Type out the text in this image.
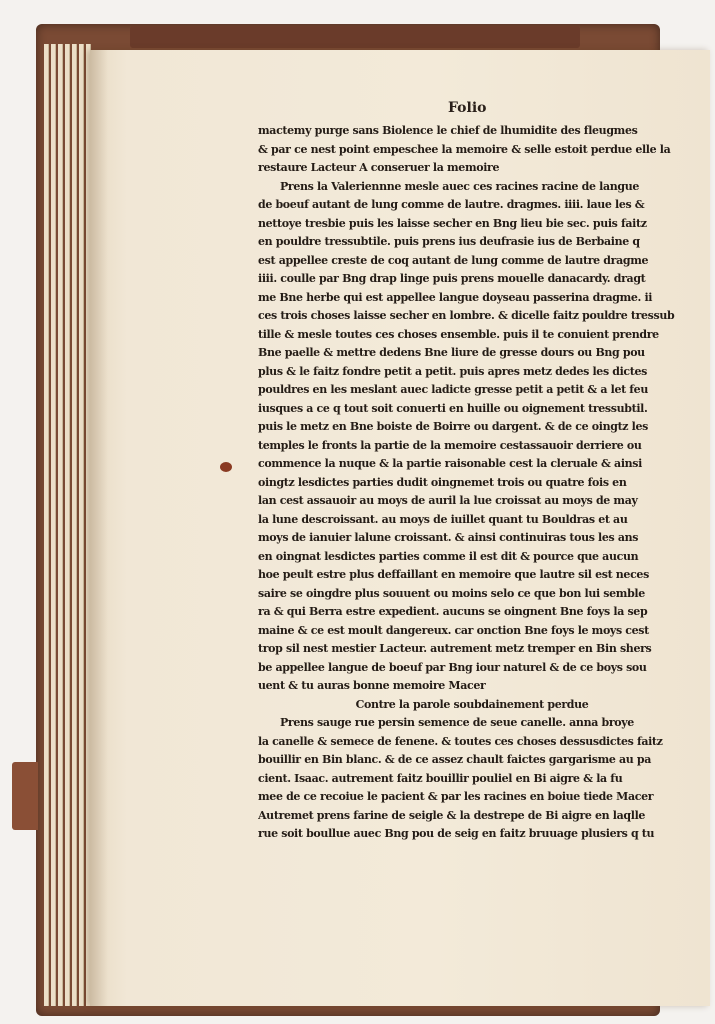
Folio
mactemy purge sans Biolence le chief de lhumidite des fleugmes
& par ce nest point empeschee la memoire & selle estoit perdue elle la
restaure Lacteur A conseruer la memoire
Prens la Valeriennne mesle auec ces racines racine de langue
de boeuf autant de lung comme de lautre. dragmes. iiii. laue les &
nettoye tresbie puis les laisse secher en Bng lieu bie sec. puis faitz
en pouldre tressubtile. puis prens ius deufrasie ius de Berbaine q
est appellee creste de coq autant de lung comme de lautre dragme
iiii. coulle par Bng drap linge puis prens mouelle danacardy. dragt
me Bne herbe qui est appellee langue doyseau passerina dragme. ii
ces trois choses laisse secher en lombre. & dicelle faitz pouldre tressub
tille & mesle toutes ces choses ensemble. puis il te conuient prendre
Bne paelle & mettre dedens Bne liure de gresse dours ou Bng pou
plus & le faitz fondre petit a petit. puis apres metz dedes les dictes
pouldres en les meslant auec ladicte gresse petit a petit & a let feu
iusques a ce q tout soit conuerti en huille ou oignement tressubtil.
puis le metz en Bne boiste de Boirre ou dargent. & de ce oingtz les
temples le fronts la partie de la memoire cestassauoir derriere ou
commence la nuque & la partie raisonable cest la cleruale & ainsi
oingtz lesdictes parties dudit oingnemet trois ou quatre fois en
lan cest assauoir au moys de auril la lue croissat au moys de may
la lune descroissant. au moys de iuillet quant tu Bouldras et au
moys de ianuier lalune croissant. & ainsi continuiras tous les ans
en oingnat lesdictes parties comme il est dit & pource que aucun
hoe peult estre plus deffaillant en memoire que lautre sil est neces
saire se oingdre plus souuent ou moins selo ce que bon lui semble
ra & qui Berra estre expedient. aucuns se oingnent Bne foys la sep
maine & ce est moult dangereux. car onction Bne foys le moys cest
trop sil nest mestier Lacteur. autrement metz tremper en Bin shers
be appellee langue de boeuf par Bng iour naturel & de ce boys sou
uent & tu auras bonne memoire Macer
Contre la parole soubdainement perdue
Prens sauge rue persin semence de seue canelle. anna broye
la canelle & semece de fenene. & toutes ces choses dessusdictes faitz
bouillir en Bin blanc. & de ce assez chault faictes gargarisme au pa
cient. Isaac. autrement faitz bouillir pouliel en Bi aigre & la fu
mee de ce recoiue le pacient & par les racines en boiue tiede Macer
Autremet prens farine de seigle & la destrepe de Bi aigre en laqlle
rue soit boullue auec Bng pou de seig en faitz bruuage plusiers q tu
